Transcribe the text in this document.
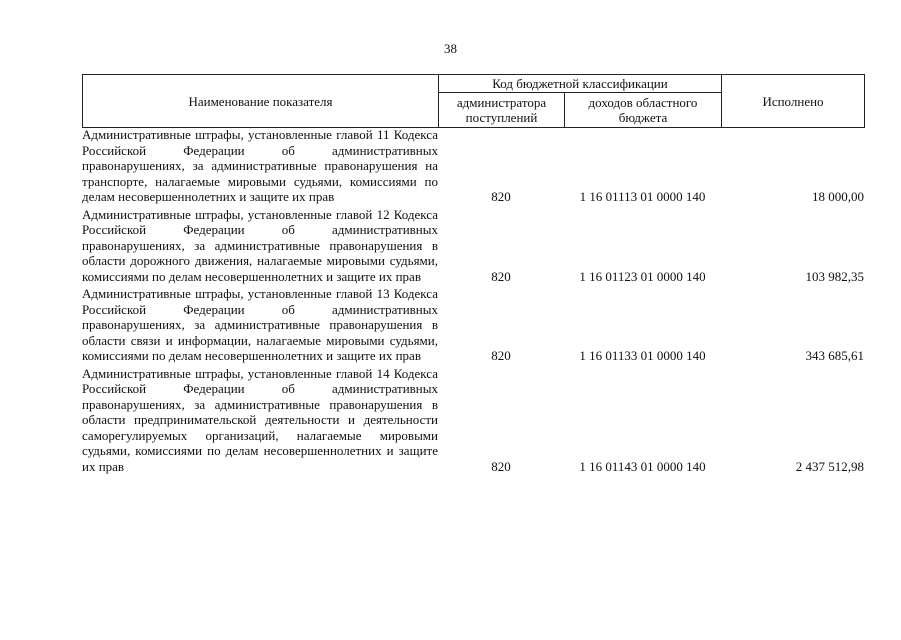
38
Наименование показателя	Код бюджетной классификации		Исполнено
	администратора поступлений	доходов областного бюджета	
Административные штрафы, установленные главой 11 Кодекса Российской Федерации об административных правонарушениях, за административные правонарушения на транспорте, налагаемые мировыми судьями, комиссиями по делам несовершеннолетних и защите их прав	820	1 16 01113 01 0000 140	18 000,00
Административные штрафы, установленные главой 12 Кодекса Российской Федерации об административных правонарушениях, за административные правонарушения в области дорожного движения, налагаемые мировыми судьями, комиссиями по делам несовершеннолетних и защите их прав	820	1 16 01123 01 0000 140	103 982,35
Административные штрафы, установленные главой 13 Кодекса Российской Федерации об административных правонарушениях, за административные правонарушения в области связи и информации, налагаемые мировыми судьями, комиссиями по делам несовершеннолетних и защите их прав	820	1 16 01133 01 0000 140	343 685,61
Административные штрафы, установленные главой 14 Кодекса Российской Федерации об административных правонарушениях, за административные правонарушения в области предпринимательской деятельности и деятельности саморегулируемых организаций, налагаемые мировыми судьями, комиссиями по делам несовершеннолетних и защите их прав	820	1 16 01143 01 0000 140	2 437 512,98
